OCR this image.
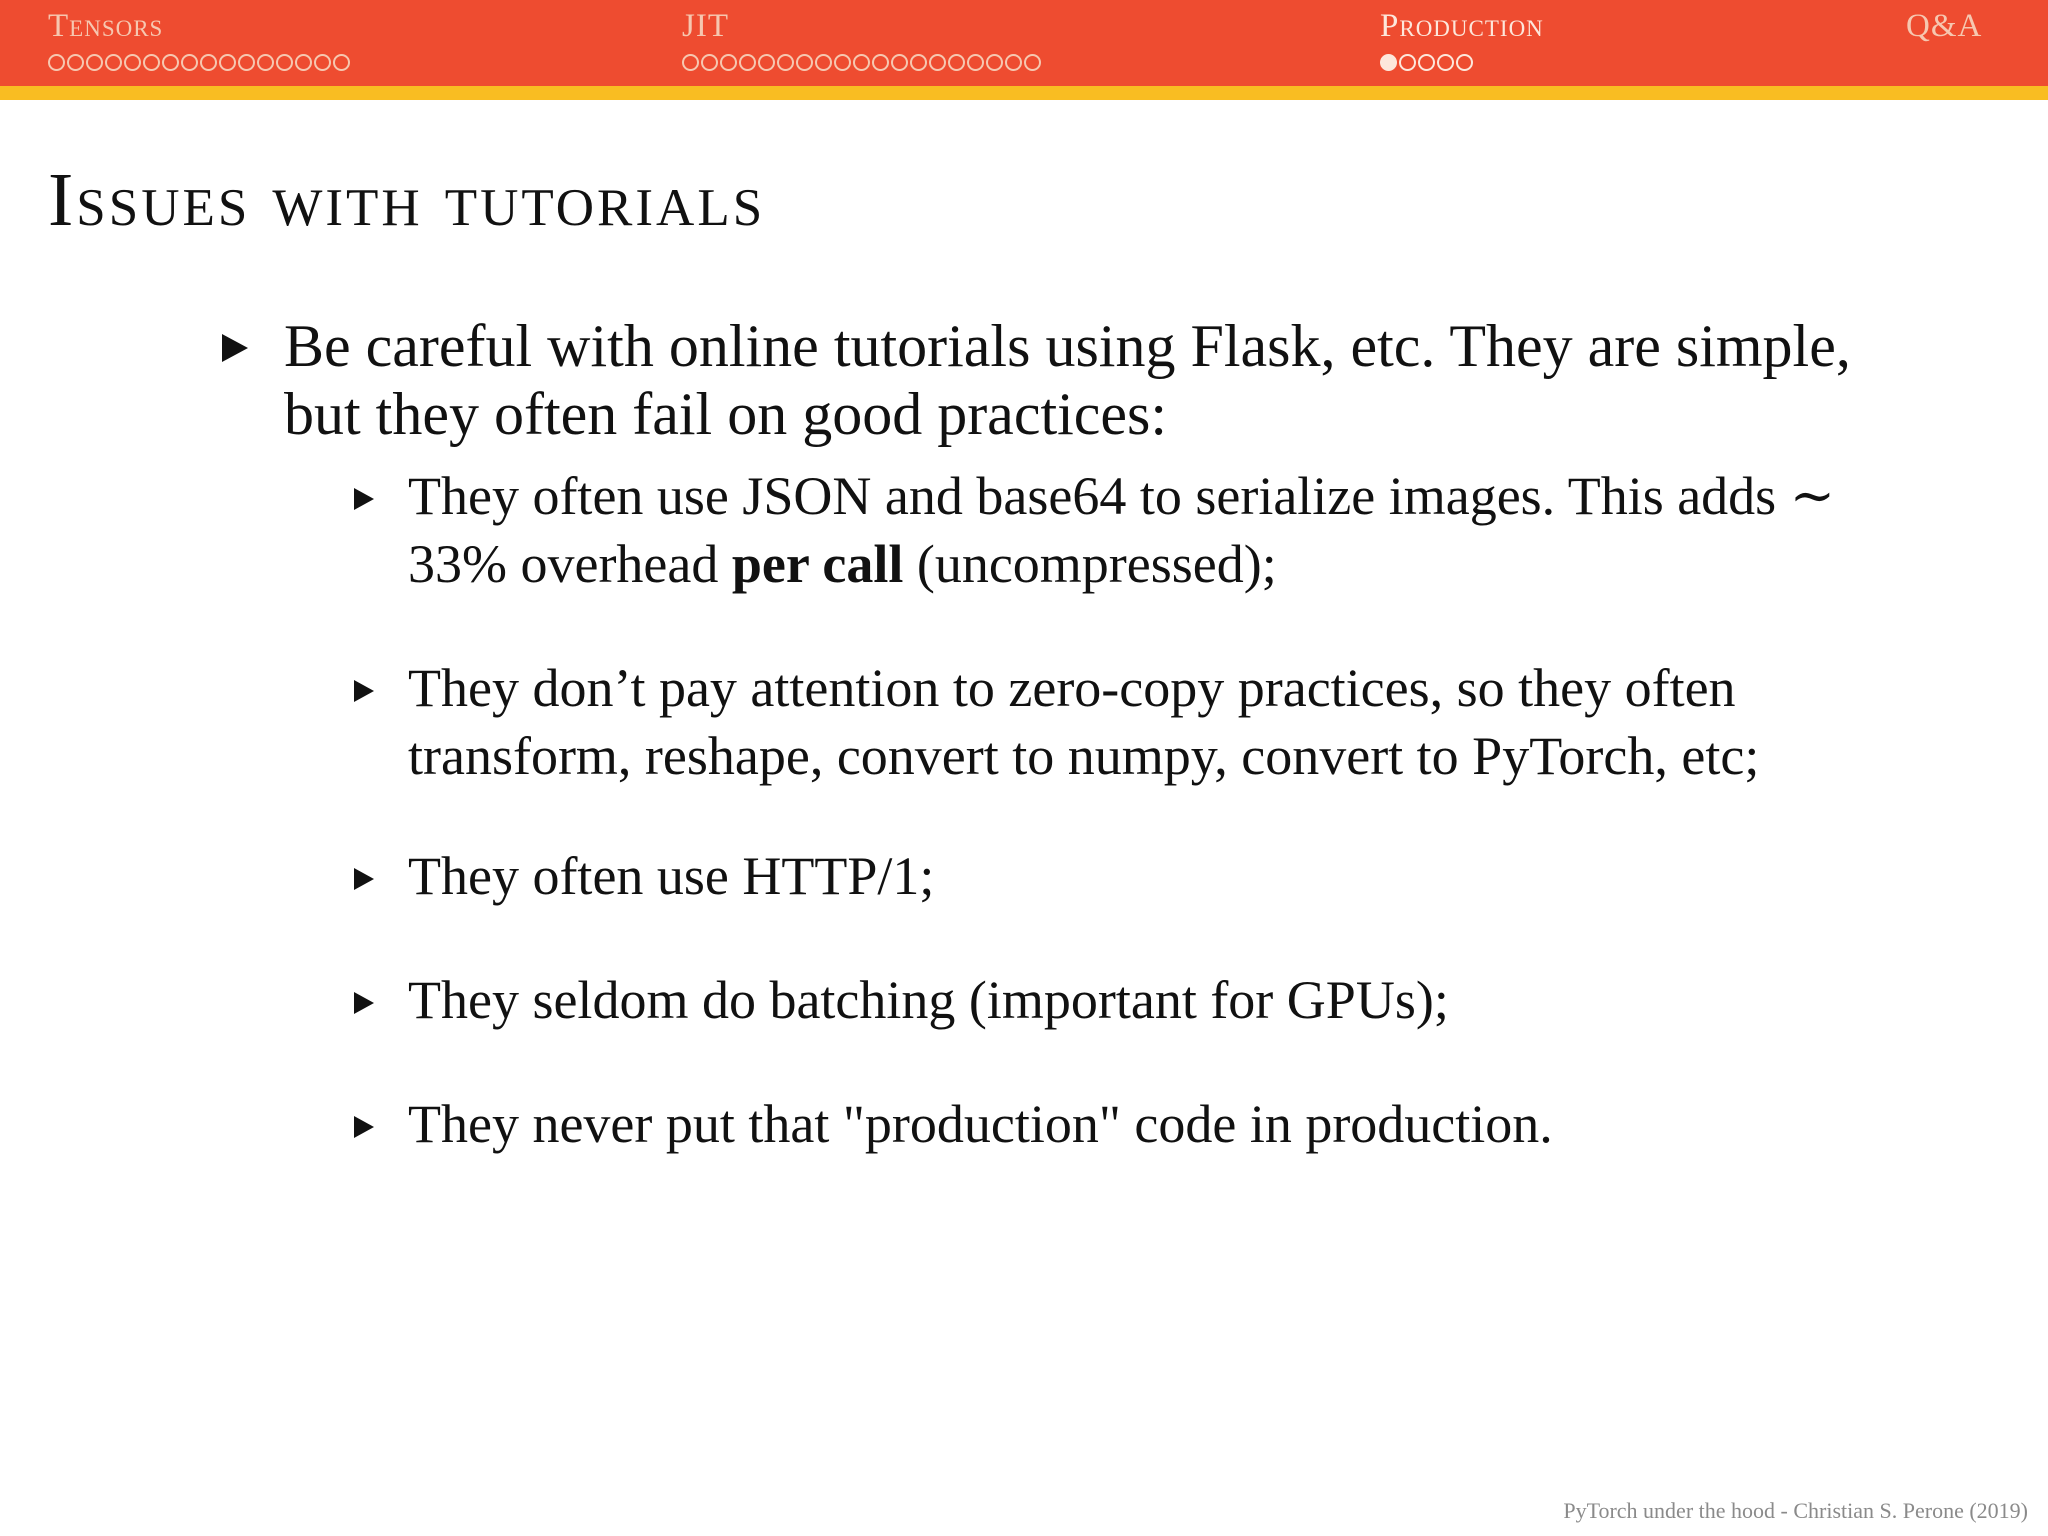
Tensors	JIT	Production	Q&A
Issues with tutorials
Be careful with online tutorials using Flask, etc. They are simple,
but they often fail on good practices:
They often use JSON and base64 to serialize images. This adds ∼
33% overhead per call (uncompressed);
They don’t pay attention to zero-copy practices, so they often
transform, reshape, convert to numpy, convert to PyTorch, etc;
They often use HTTP/1;
They seldom do batching (important for GPUs);
They never put that "production" code in production.
PyTorch under the hood - Christian S. Perone (2019)
